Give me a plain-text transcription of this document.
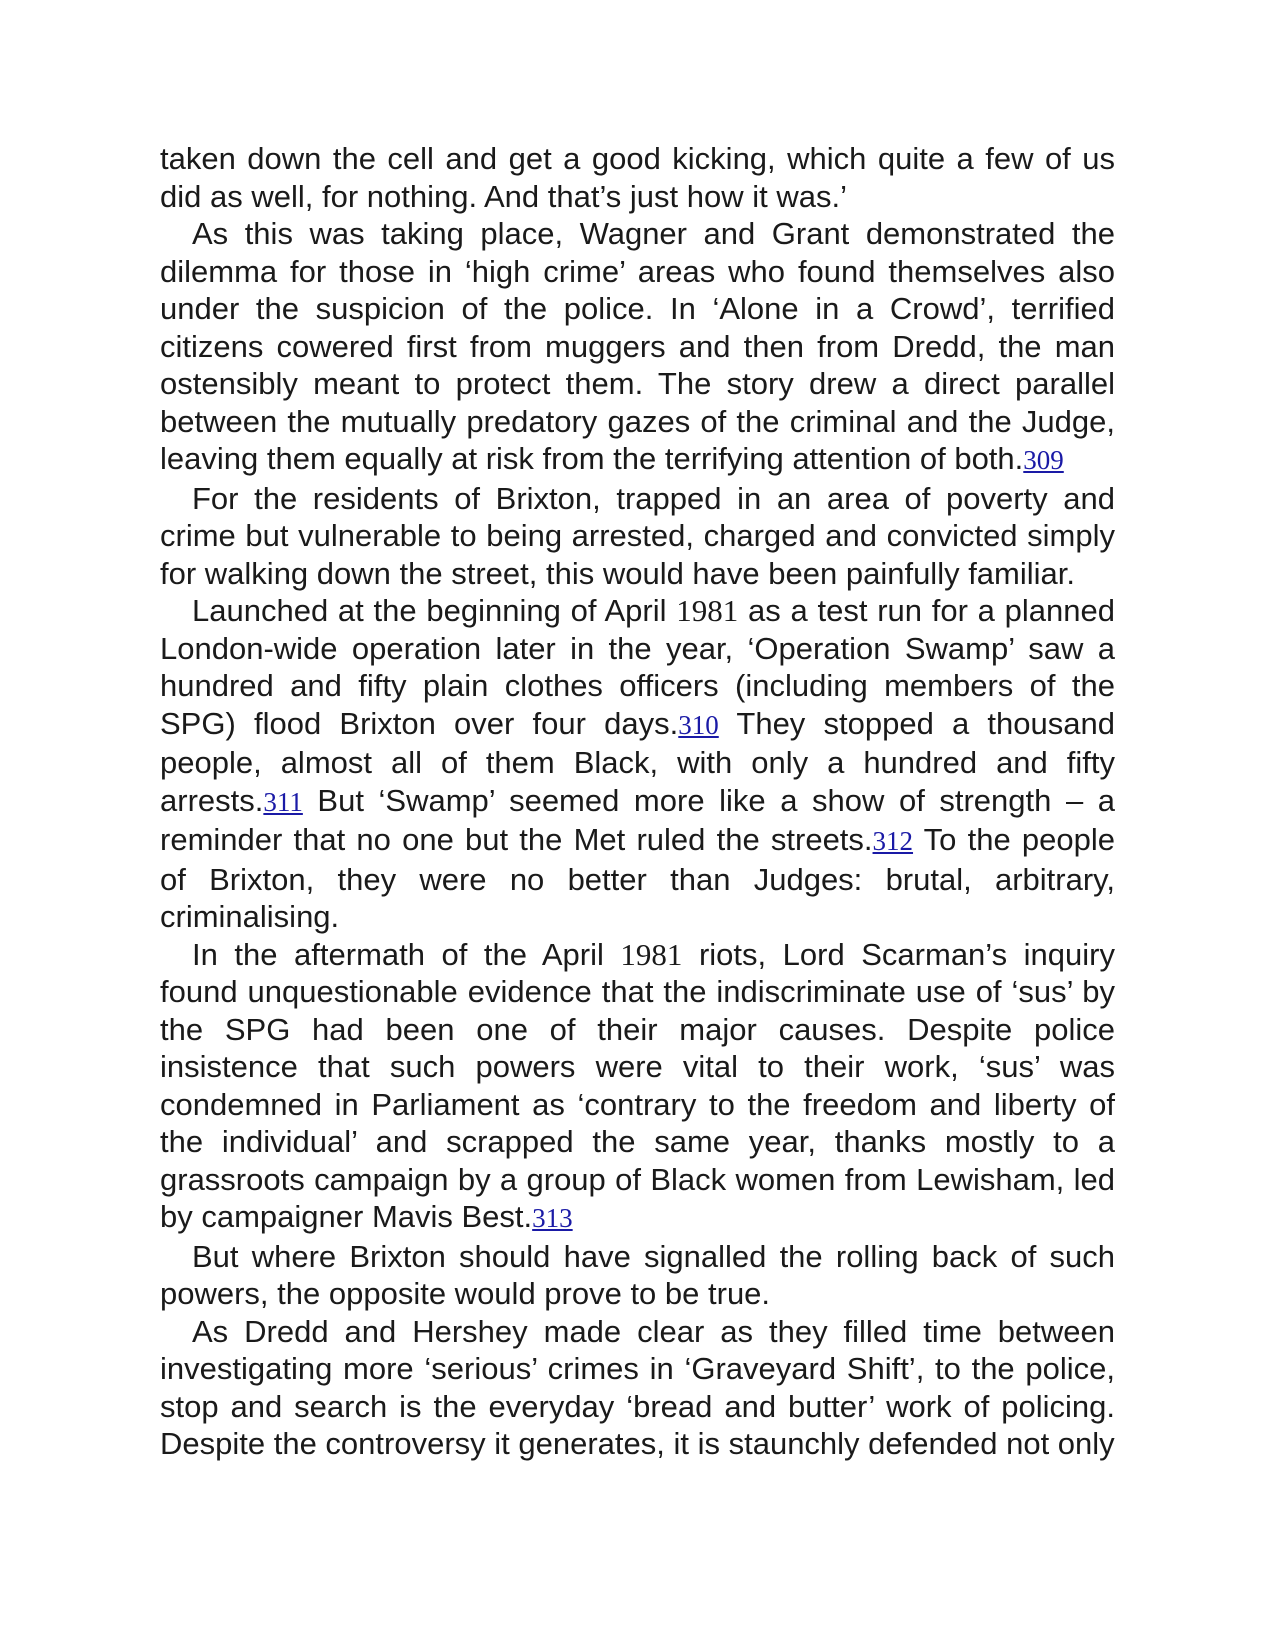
taken down the cell and get a good kicking, which quite a few of us did as well, for nothing. And that’s just how it was.’

As this was taking place, Wagner and Grant demonstrated the dilemma for those in ‘high crime’ areas who found themselves also under the suspicion of the police. In ‘Alone in a Crowd’, terrified citizens cowered first from muggers and then from Dredd, the man ostensibly meant to protect them. The story drew a direct parallel between the mutually predatory gazes of the criminal and the Judge, leaving them equally at risk from the terrifying attention of both.309

For the residents of Brixton, trapped in an area of poverty and crime but vulnerable to being arrested, charged and convicted simply for walking down the street, this would have been painfully familiar.

Launched at the beginning of April 1981 as a test run for a planned London-wide operation later in the year, ‘Operation Swamp’ saw a hundred and fifty plain clothes officers (including members of the SPG) flood Brixton over four days.310 They stopped a thousand people, almost all of them Black, with only a hundred and fifty arrests.311 But ‘Swamp’ seemed more like a show of strength – a reminder that no one but the Met ruled the streets.312 To the people of Brixton, they were no better than Judges: brutal, arbitrary, criminalising.

In the aftermath of the April 1981 riots, Lord Scarman’s inquiry found unquestionable evidence that the indiscriminate use of ‘sus’ by the SPG had been one of their major causes. Despite police insistence that such powers were vital to their work, ‘sus’ was condemned in Parliament as ‘contrary to the freedom and liberty of the individual’ and scrapped the same year, thanks mostly to a grassroots campaign by a group of Black women from Lewisham, led by campaigner Mavis Best.313

But where Brixton should have signalled the rolling back of such powers, the opposite would prove to be true.

As Dredd and Hershey made clear as they filled time between investigating more ‘serious’ crimes in ‘Graveyard Shift’, to the police, stop and search is the everyday ‘bread and butter’ work of policing. Despite the controversy it generates, it is staunchly defended not only
